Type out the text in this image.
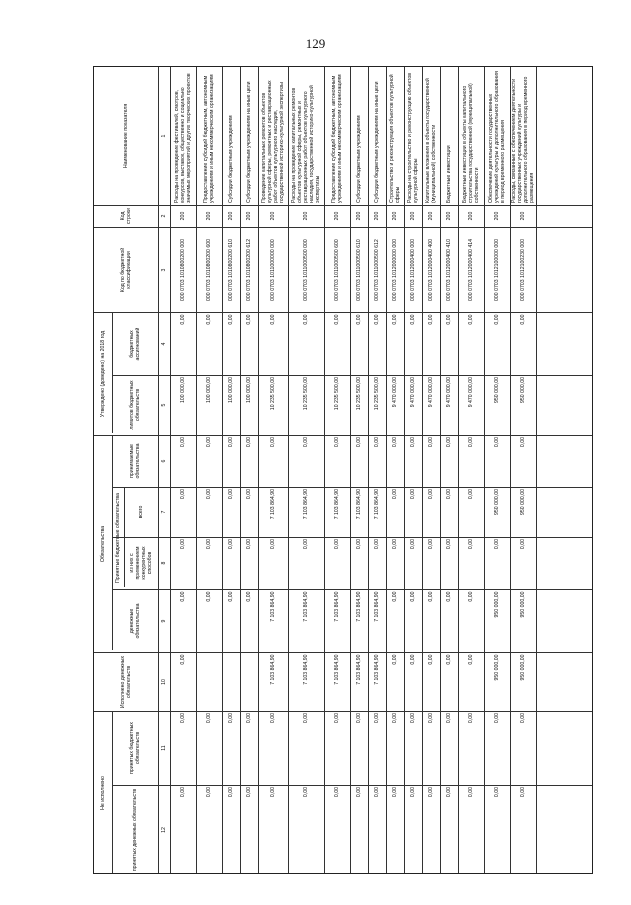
129
Утверждено (доведено) на 2018 год
Обязательства
Не исполнено
Принятые бюджетные обязательства
Наименование показателя
Код строки
Код по бюджетной классификации
бюджетных ассигнований
лимитов бюджетных обязательств
принимаемые обязательства
всего
из них с применением конкурентных способов
денежные обязательства
Исполнено денежных обязательств
принятых бюджетных обязательств
принятых денежных обязательств
1
2
3
4
5
6
7
8
9
10
11
12
Расходы на проведение фестивалей, смотров, конкурсов, выставок, общественно и социально значимых мероприятий и других творческих проектов
200
000 0703 1010800200 000
0,00
100 000,00
0,00
0,00
0,00
0,00
0,00
0,00
0,00
Предоставление субсидий бюджетным, автономным учреждениям и иным некоммерческим организациям
200
000 0703 1010800200 600
0,00
100 000,00
0,00
0,00
0,00
0,00
0,00
0,00
Субсидии бюджетным учреждениям
200
000 0703 1010800200 610
0,00
100 000,00
0,00
0,00
0,00
0,00
0,00
0,00
Субсидии бюджетным учреждениям на иные цели
200
000 0703 1010800200 612
0,00
100 000,00
0,00
0,00
0,00
0,00
0,00
0,00
Проведение капитальных ремонтов объектов культурной сферы, ремонтных и реставрационных работ объектов культурного наследия, государственной историко-культурной экспертизы
200
000 0703 1011000000 000
0,00
10 235 500,00
0,00
7 103 864,90
0,00
7 103 864,90
7 103 864,90
0,00
0,00
Расходы на проведение капитальных ремонтов объектов культурной сферы, ремонтных и реставрационных работ объектов культурного наследия, государственной историко-культурной экспертизы
200
000 0703 1011000500 000
0,00
10 235 500,00
0,00
7 103 864,90
0,00
7 103 864,90
7 103 864,90
0,00
0,00
Предоставление субсидий бюджетным, автономным учреждениям и иным некоммерческим организациям
200
000 0703 1011000500 600
0,00
10 235 500,00
0,00
7 103 864,90
0,00
7 103 864,90
7 103 864,90
0,00
0,00
Субсидии бюджетным учреждениям
200
000 0703 1011000500 610
0,00
10 235 500,00
0,00
7 103 864,90
0,00
7 103 864,90
7 103 864,90
0,00
0,00
Субсидии бюджетным учреждениям на иные цели
200
000 0703 1011000500 612
0,00
10 235 500,00
0,00
7 103 864,90
0,00
7 103 864,90
7 103 864,90
0,00
0,00
Строительство и реконструкция объектов культурной сферы
200
000 0703 1012000000 000
0,00
9 470 000,00
0,00
0,00
0,00
0,00
0,00
0,00
0,00
Расходы на строительство и реконструкцию объектов культурной сферы
200
000 0703 1012000400 000
0,00
9 470 000,00
0,00
0,00
0,00
0,00
0,00
0,00
0,00
Капитальные вложения в объекты государственной (муниципальной) собственности
200
000 0703 1012000400 400
0,00
9 470 000,00
0,00
0,00
0,00
0,00
0,00
0,00
0,00
Бюджетные инвестиции
200
000 0703 1012000400 410
0,00
9 470 000,00
0,00
0,00
0,00
0,00
0,00
0,00
0,00
Бюджетные инвестиции в объекты капитального строительства государственной (муниципальной) собственности
200
000 0703 1012000400 414
0,00
9 470 000,00
0,00
0,00
0,00
0,00
0,00
0,00
0,00
Обеспечение деятельности государственных учреждений культуры и дополнительного образования в период временного размещения
200
000 0703 1012100000 000
0,00
950 000,00
0,00
950 000,00
0,00
950 000,00
950 000,00
0,00
0,00
Расходы, связанные с обеспечением деятельности государственных учреждений культуры и дополнительного образования в период временного размещения
200
000 0703 1012100230 000
0,00
950 000,00
0,00
950 000,00
0,00
950 000,00
950 000,00
0,00
0,00
